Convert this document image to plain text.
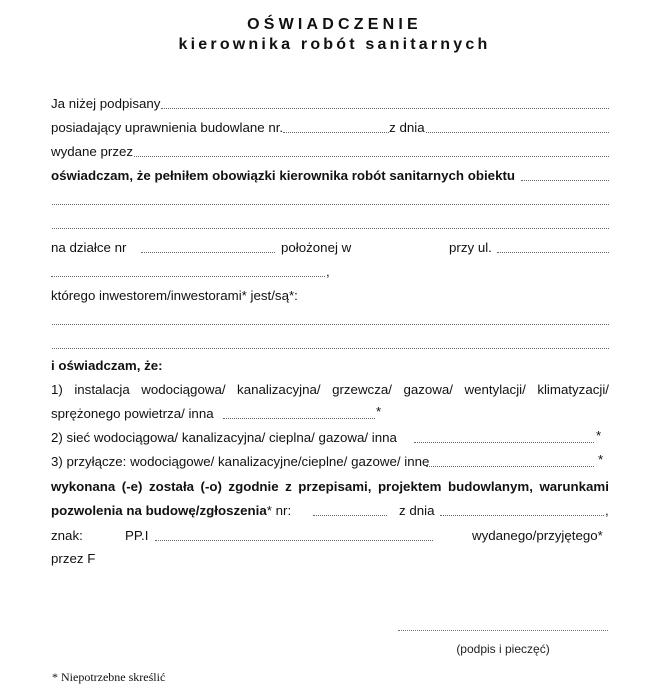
OŚWIADCZENIE
kierownika robót sanitarnych
Ja niżej podpisany
posiadający uprawnienia budowlane nr.	z dnia
wydane przez
oświadczam, że pełniłem obowiązki kierownika robót sanitarnych obiektu
na działce nr	położonej w	przy ul.
,
którego inwestorem/inwestorami* jest/są*:
i oświadczam, że:
1) instalacja wodociągowa/ kanalizacyjna/ grzewcza/ gazowa/ wentylacji/ klimatyzacji/
sprężonego powietrza/ inna	*
2) sieć wodociągowa/ kanalizacyjna/ cieplna/ gazowa/ inna	*
3) przyłącze: wodociągowe/ kanalizacyjne/cieplne/ gazowe/ inne	*
wykonana (-e) została (-o) zgodnie z przepisami, projektem budowlanym, warunkami
pozwolenia na budowę/zgłoszenia* nr:	z dnia	,
znak:	PP.I	wydanego/przyjętego*
przez F
(podpis i pieczęć)
* Niepotrzebne skreślić
